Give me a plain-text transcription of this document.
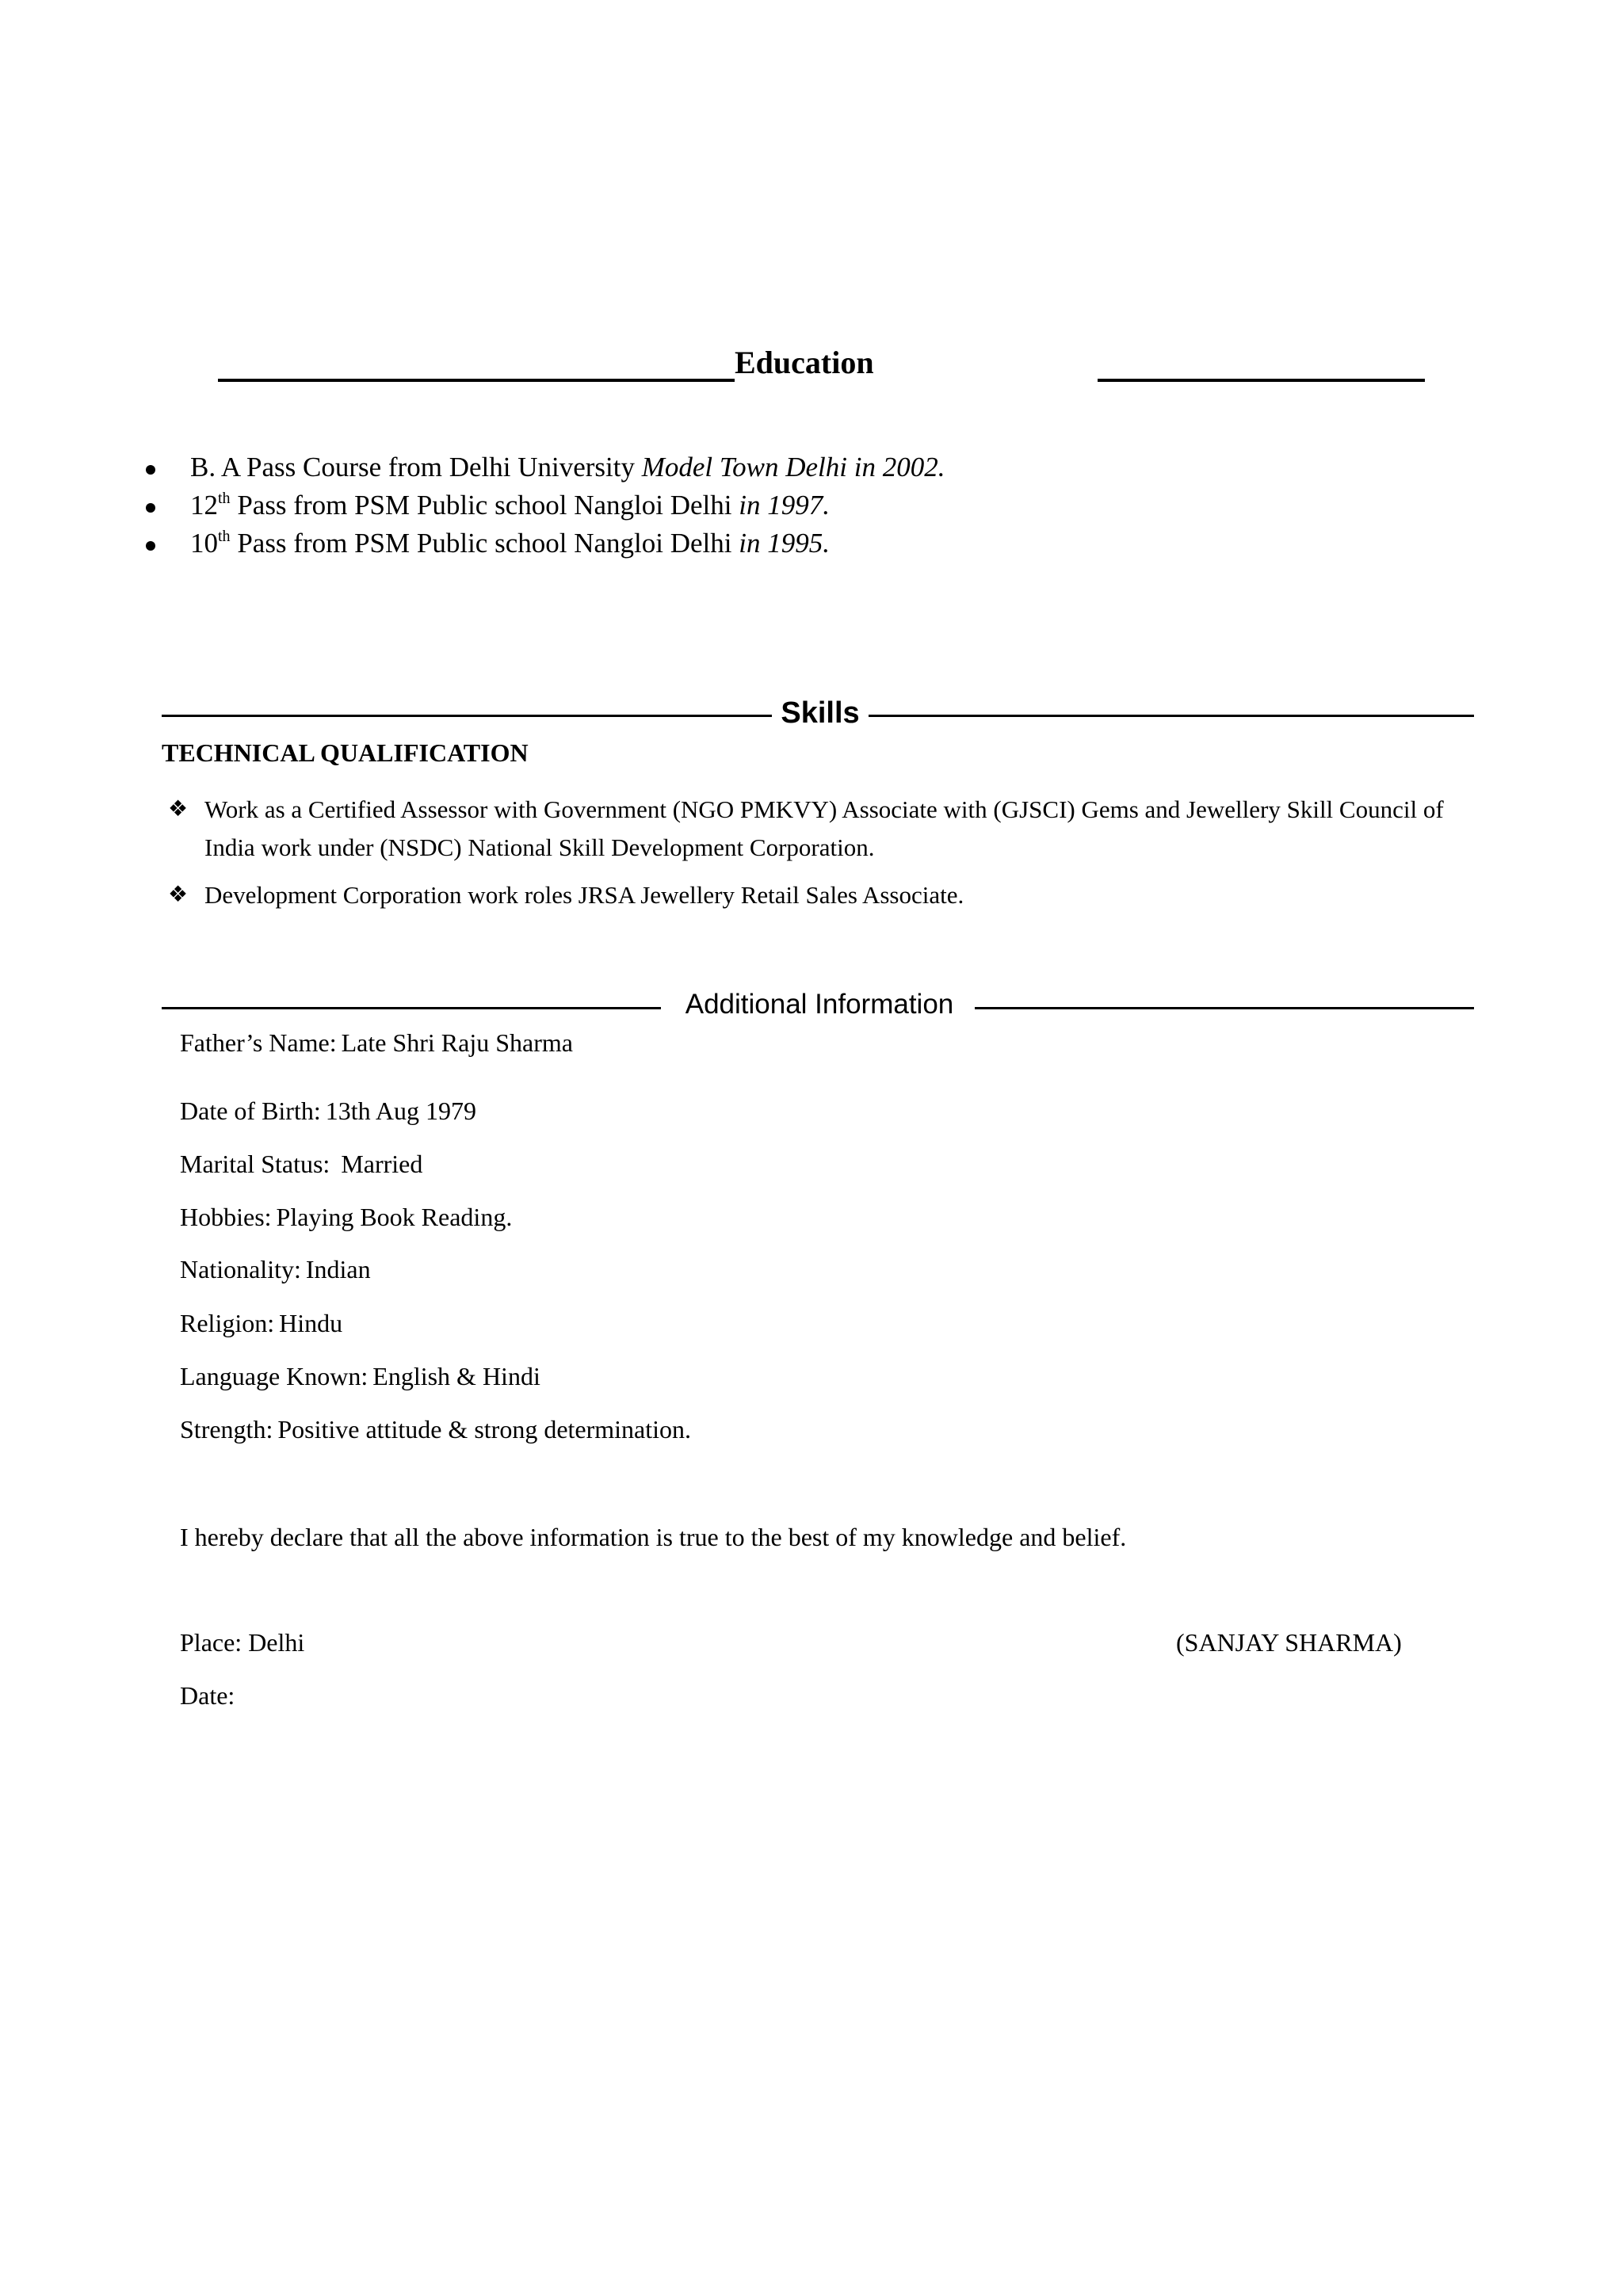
Education
B. A Pass Course from Delhi University Model Town Delhi in 2002.
12th Pass from PSM Public school Nangloi Delhi in 1997.
10th Pass from PSM Public school Nangloi Delhi in 1995.
Skills
TECHNICAL QUALIFICATION
❖ Work as a Certified Assessor with Government (NGO PMKVY) Associate with (GJSCI) Gems and Jewellery Skill Council of India work under (NSDC) National Skill Development Corporation.
❖ Development Corporation work roles JRSA Jewellery Retail Sales Associate.
Additional Information
Father’s Name: Late Shri Raju Sharma
Date of Birth: 13th Aug 1979
Marital Status: Married
Hobbies: Playing Book Reading.
Nationality: Indian
Religion: Hindu
Language Known: English & Hindi
Strength: Positive attitude & strong determination.
I hereby declare that all the above information is true to the best of my knowledge and belief.
Place: Delhi
Date:
(SANJAY SHARMA)
